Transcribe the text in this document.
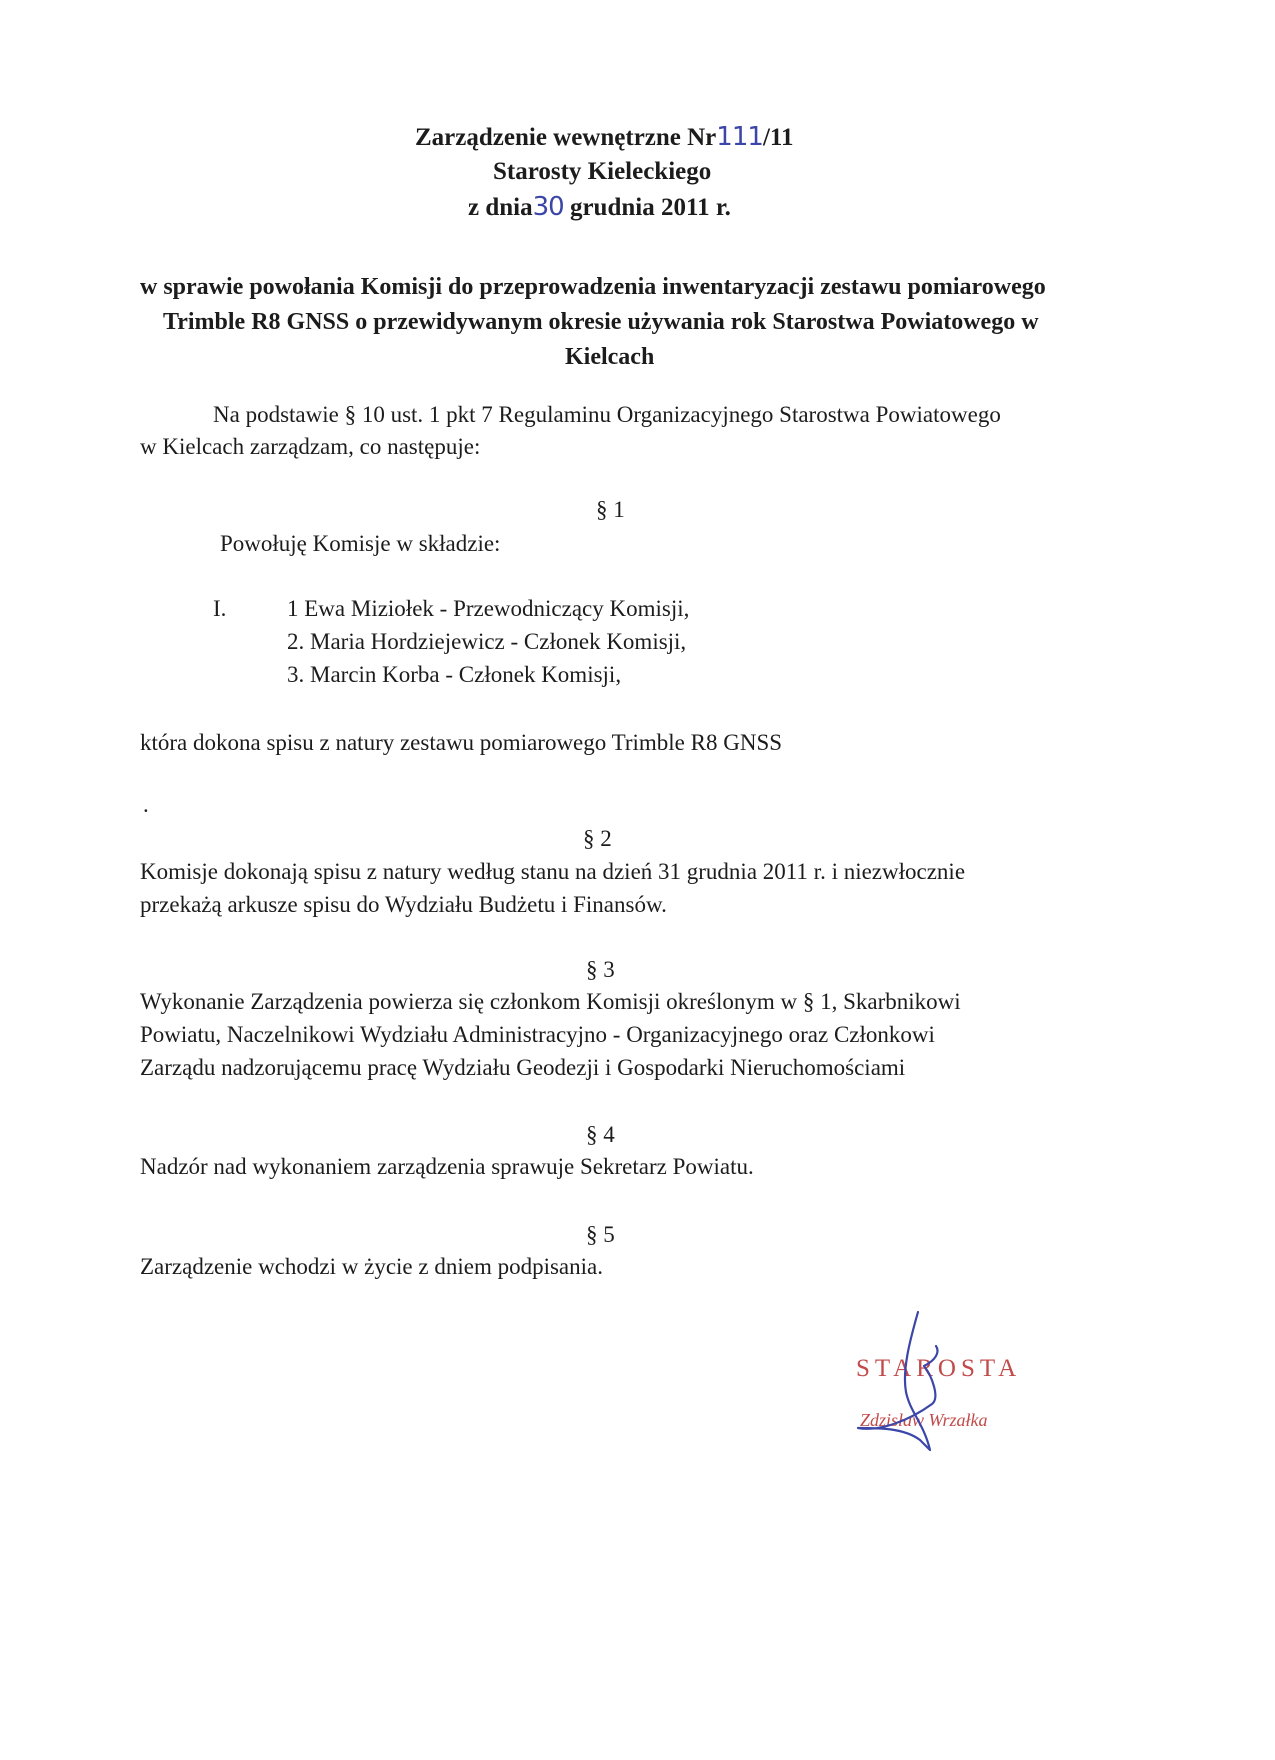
Zarządzenie wewnętrzne Nr111/11
Starosty Kieleckiego
z dnia30 grudnia 2011 r.
w sprawie powołania Komisji do przeprowadzenia inwentaryzacji zestawu pomiarowego
Trimble R8 GNSS o przewidywanym okresie używania rok Starostwa Powiatowego w
Kielcach
Na podstawie § 10 ust. 1 pkt 7 Regulaminu Organizacyjnego Starostwa Powiatowego
w Kielcach zarządzam, co następuje:
§ 1
Powołuję Komisje w składzie:
I.	1 Ewa Miziołek - Przewodniczący Komisji,
2. Maria Hordziejewicz - Członek Komisji,
3. Marcin Korba - Członek Komisji,
która dokona spisu z natury zestawu pomiarowego Trimble R8 GNSS
.
§ 2
Komisje dokonają spisu z natury według stanu na dzień 31 grudnia 2011 r. i niezwłocznie
przekażą arkusze spisu do Wydziału Budżetu i Finansów.
§ 3
Wykonanie Zarządzenia powierza się członkom Komisji określonym w § 1, Skarbnikowi
Powiatu, Naczelnikowi Wydziału Administracyjno - Organizacyjnego oraz Członkowi
Zarządu nadzorującemu pracę Wydziału Geodezji i Gospodarki Nieruchomościami
§ 4
Nadzór nad wykonaniem zarządzenia sprawuje Sekretarz Powiatu.
§ 5
Zarządzenie wchodzi w życie z dniem podpisania.
STAROSTA
Zdzisław Wrzałka
